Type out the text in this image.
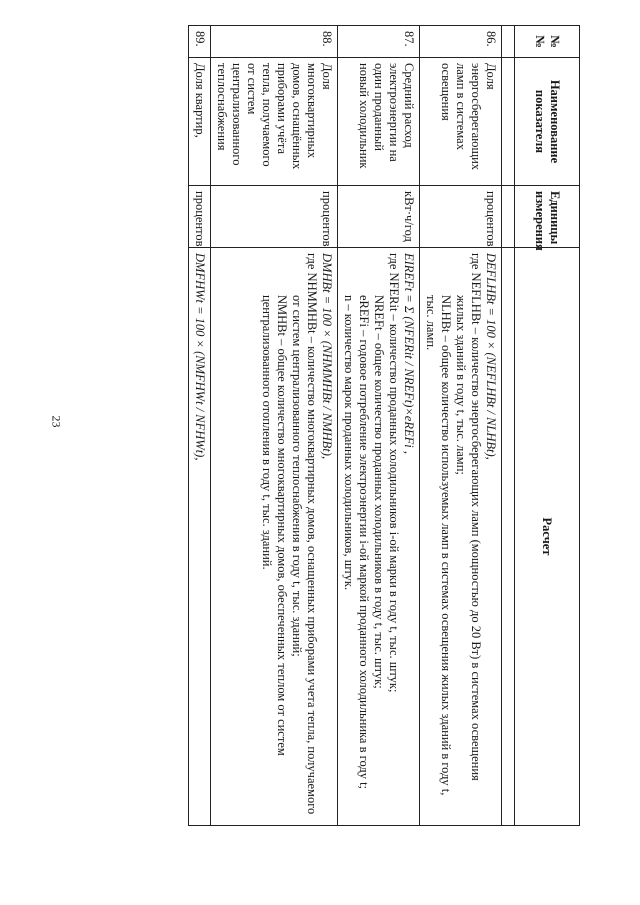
23
№№	Наименование показателя	Единицы измерения	Расчет

86.	Доля энергосберегающих ламп в системах освещения	процентов	DEFLHBt = 100 × (NEFLHBt / NLHBt),
где NEFLHBt – количество энергосберегающих ламп (мощностью до 20 Вт) в системах освещения жилых зданий в году t, тыс. ламп;
NLHBt – общее количество используемых ламп в системах освещения жилых зданий в году t, тыс. ламп.

87.	Средний расход электроэнергии на один проданный новый холодильник	кВт·ч/год	EIREFt = Σ (NFERit / NREFt)×eREFi ,
где NFERit – количество проданных холодильников i-ой марки в году t, тыс. штук;
NREFt – общее количество проданных холодильников в году t, тыс. штук;
eREFi – годовое потребление электроэнергии i-ой маркой проданного холодильника в году t;
n – количество марок проданных холодильников, штук.

88.	Доля многоквартирных домов, оснащённых приборами учёта тепла, получаемого от систем централизованного теплоснабжения	процентов	DMHBt = 100 × (NHMMHBt / NMHBt),
где NHMMHBt – количество многоквартирных домов, оснащенных приборами учета тепла, получаемого от систем централизованного теплоснабжения в году t, тыс. зданий;
NMHBt – общее количество многоквартирных домов, обеспеченных теплом от систем централизованного отопления в году t, тыс. зданий.

89.	Доля квартир,	процентов	DMFHWt = 100 × (NMFHWt / NFHWt),
